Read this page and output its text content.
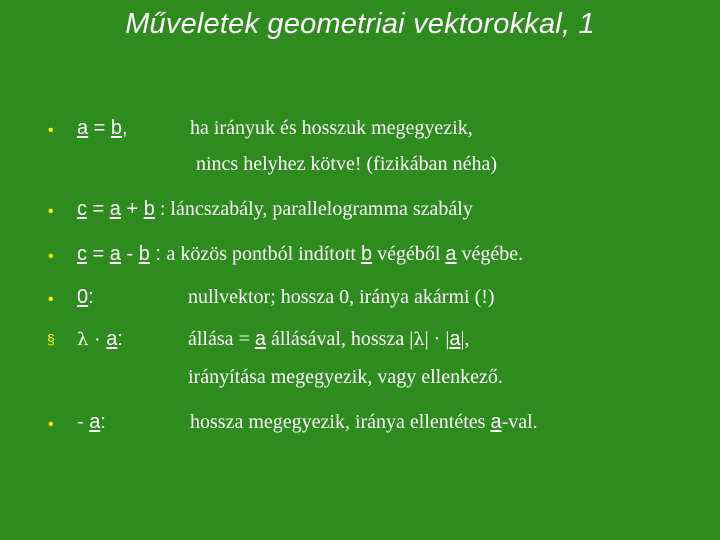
Műveletek geometriai vektorokkal, 1
• a = b,	ha irányuk és hosszuk megegyezik,
nincs helyhez kötve! (fizikában néha)
• c = a + b : láncszabály, parallelogramma szabály
• c = a - b : a közös pontból indított b végéből a végébe.
• 0:	nullvektor; hossza 0, iránya akármi (!)
§ λ · a:	állása = a állásával, hossza |λ| · |a|,
irányítása megegyezik, vagy ellenkező.
• - a:	hossza megegyezik, iránya ellentétes a-val.
